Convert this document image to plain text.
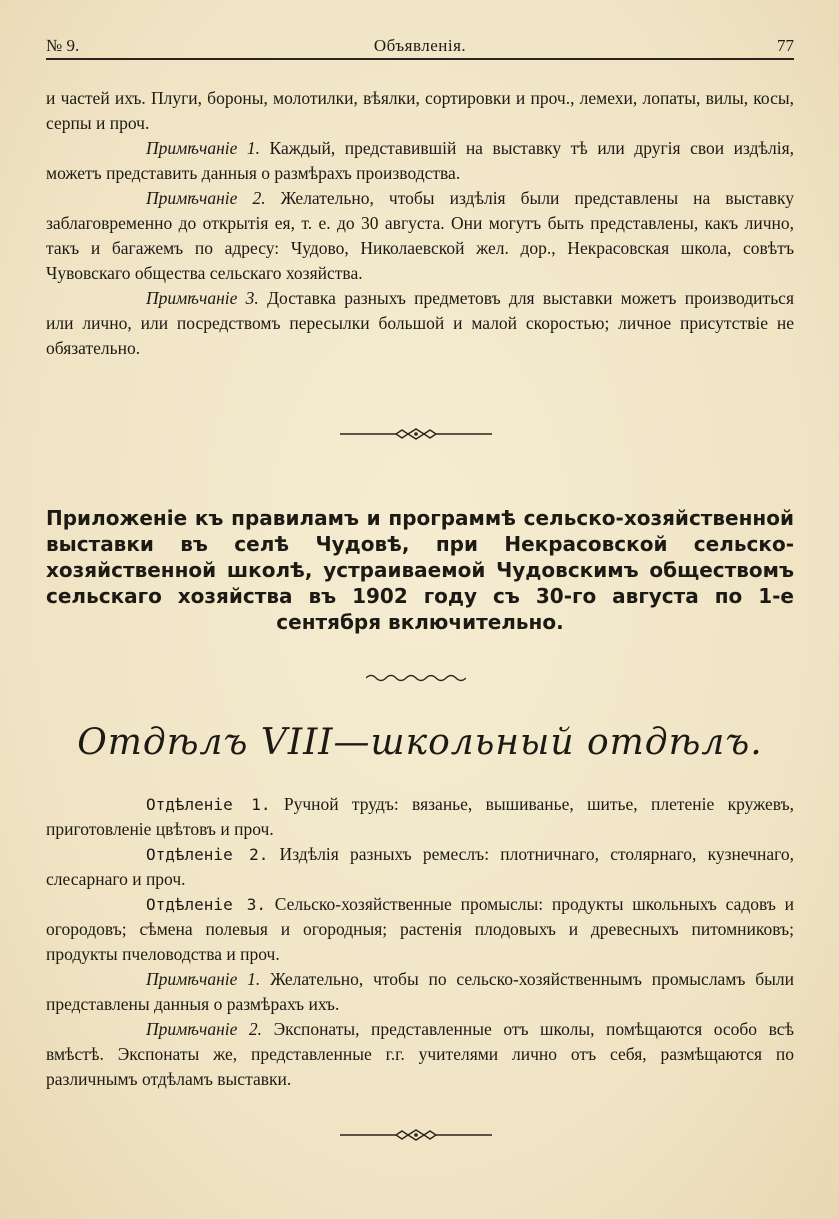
№ 9.	Объявленія.	77

и частей ихъ. Плуги, бороны, молотилки, вѣялки, сортировки и проч., лемехи, лопаты, вилы, косы, серпы и проч.

Примѣчаніе 1. Каждый, представившій на выставку тѣ или другія свои издѣлія, можетъ представить данныя о размѣрахъ производства.

Примѣчаніе 2. Желательно, чтобы издѣлія были представлены на выставку заблаговременно до открытія ея, т. е. до 30 августа. Они могутъ быть представлены, какъ лично, такъ и багажемъ по адресу: Чудово, Николаевской жел. дор., Некрасовская школа, совѣтъ Чувовскаго общества сельскаго хозяйства.

Примѣчаніе 3. Доставка разныхъ предметовъ для выставки можетъ производиться или лично, или посредствомъ пересылки большой и малой скоростью; личное присутствіе не обязательно.

Приложеніе къ правиламъ и программѣ сельско-хозяйственной выставки въ селѣ Чудовѣ, при Некрасовской сельско-хозяйственной школѣ, устраиваемой Чудовскимъ обществомъ сельскаго хозяйства въ 1902 году съ 30-го августа по 1-е сентября включительно.
Отдѣлъ VIII—школьный отдѣлъ.

Отдѣленіе 1. Ручной трудъ: вязанье, вышиванье, шитье, плетеніе кружевъ, приготовленіе цвѣтовъ и проч.

Отдѣленіе 2. Издѣлія разныхъ ремеслъ: плотничнаго, столярнаго, кузнечнаго, слесарнаго и проч.

Отдѣленіе 3. Сельско-хозяйственные промыслы: продукты школьныхъ садовъ и огородовъ; сѣмена полевыя и огородныя; растенія плодовыхъ и древесныхъ питомниковъ; продукты пчеловодства и проч.

Примѣчаніе 1. Желательно, чтобы по сельско-хозяйственнымъ промысламъ были представлены данныя о размѣрахъ ихъ.

Примѣчаніе 2. Экспонаты, представленные отъ школы, помѣщаются особо всѣ вмѣстѣ. Экспонаты же, представленные г.г. учителями лично отъ себя, размѣщаются по различнымъ отдѣламъ выставки.
